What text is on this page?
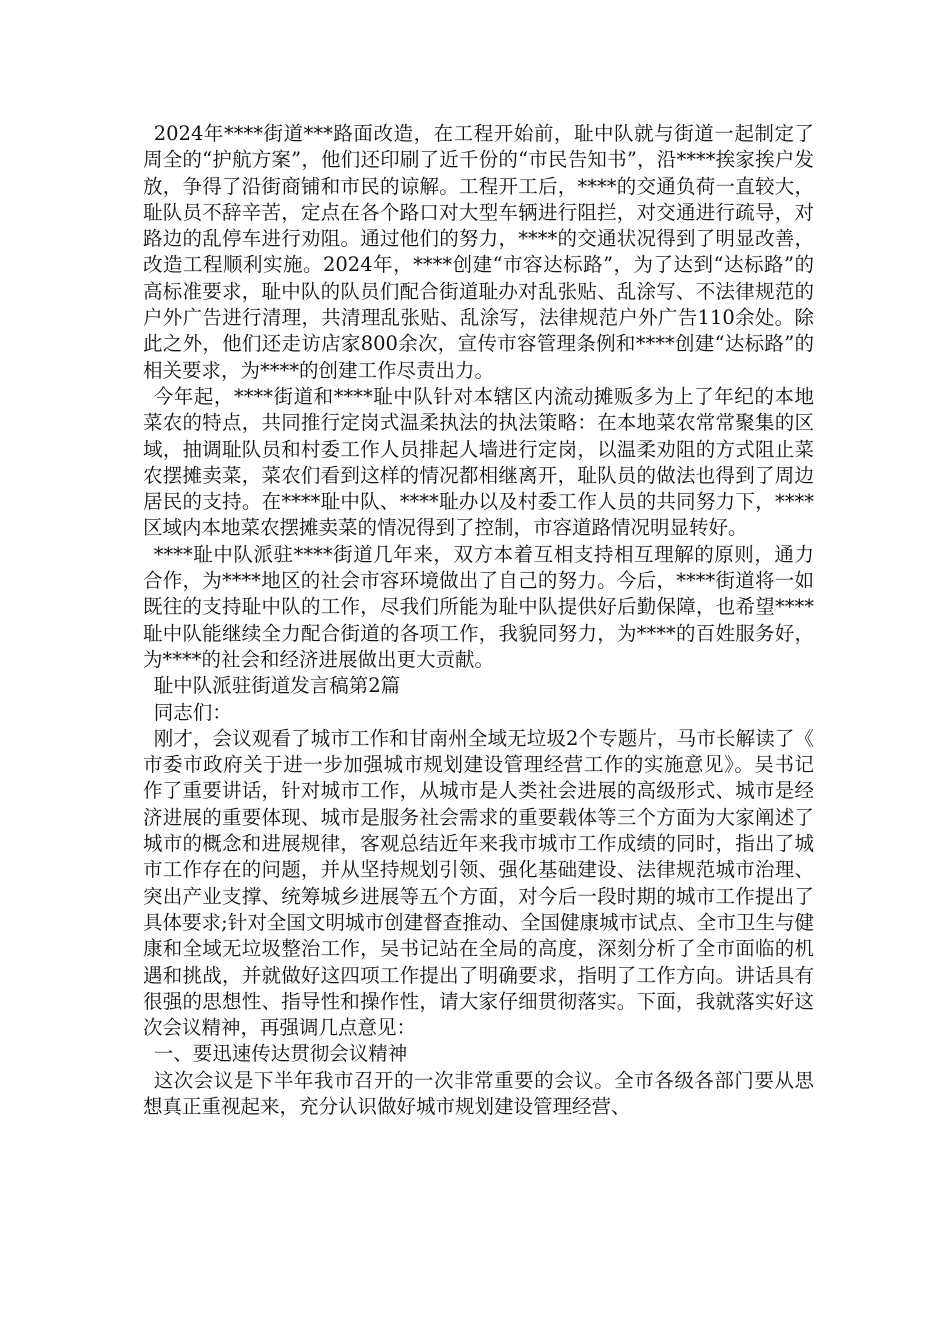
2024年****街道***路面改造，在工程开始前，耻中队就与街道一起制定了周全的“护航方案”，他们还印刷了近千份的“市民告知书”，沿****挨家挨户发放，争得了沿街商铺和市民的谅解。工程开工后，****的交通负荷一直较大，耻队员不辞辛苦，定点在各个路口对大型车辆进行阻拦，对交通进行疏导，对路边的乱停车进行劝阻。通过他们的努力，****的交通状况得到了明显改善，改造工程顺利实施。2024年，****创建“市容达标路”，为了达到“达标路”的高标准要求，耻中队的队员们配合街道耻办对乱张贴、乱涂写、不法律规范的户外广告进行清理，共清理乱张贴、乱涂写，法律规范户外广告110余处。除此之外，他们还走访店家800余次，宣传市容管理条例和****创建“达标路”的相关要求，为****的创建工作尽责出力。

今年起，****街道和****耻中队针对本辖区内流动摊贩多为上了年纪的本地菜农的特点，共同推行定岗式温柔执法的执法策略：在本地菜农常常聚集的区域，抽调耻队员和村委工作人员排起人墙进行定岗，以温柔劝阻的方式阻止菜农摆摊卖菜，菜农们看到这样的情况都相继离开，耻队员的做法也得到了周边居民的支持。在****耻中队、****耻办以及村委工作人员的共同努力下，****区域内本地菜农摆摊卖菜的情况得到了控制，市容道路情况明显转好。

****耻中队派驻****街道几年来，双方本着互相支持相互理解的原则，通力合作，为****地区的社会市容环境做出了自己的努力。今后，****街道将一如既往的支持耻中队的工作，尽我们所能为耻中队提供好后勤保障，也希望****耻中队能继续全力配合街道的各项工作，我貌同努力，为****的百姓服务好，为****的社会和经济进展做出更大贡献。

耻中队派驻街道发言稿第2篇

同志们：

刚才，会议观看了城市工作和甘南州全域无垃圾2个专题片，马市长解读了《市委市政府关于进一步加强城市规划建设管理经营工作的实施意见》。吴书记作了重要讲话，针对城市工作，从城市是人类社会进展的高级形式、城市是经济进展的重要体现、城市是服务社会需求的重要载体等三个方面为大家阐述了城市的概念和进展规律，客观总结近年来我市城市工作成绩的同时，指出了城市工作存在的问题，并从坚持规划引领、强化基础建设、法律规范城市治理、突出产业支撑、统筹城乡进展等五个方面，对今后一段时期的城市工作提出了具体要求;针对全国文明城市创建督查推动、全国健康城市试点、全市卫生与健康和全域无垃圾整治工作，吴书记站在全局的高度，深刻分析了全市面临的机遇和挑战，并就做好这四项工作提出了明确要求，指明了工作方向。讲话具有很强的思想性、指导性和操作性，请大家仔细贯彻落实。下面，我就落实好这次会议精神，再强调几点意见：

一、要迅速传达贯彻会议精神

这次会议是下半年我市召开的一次非常重要的会议。全市各级各部门要从思想真正重视起来，充分认识做好城市规划建设管理经营、
